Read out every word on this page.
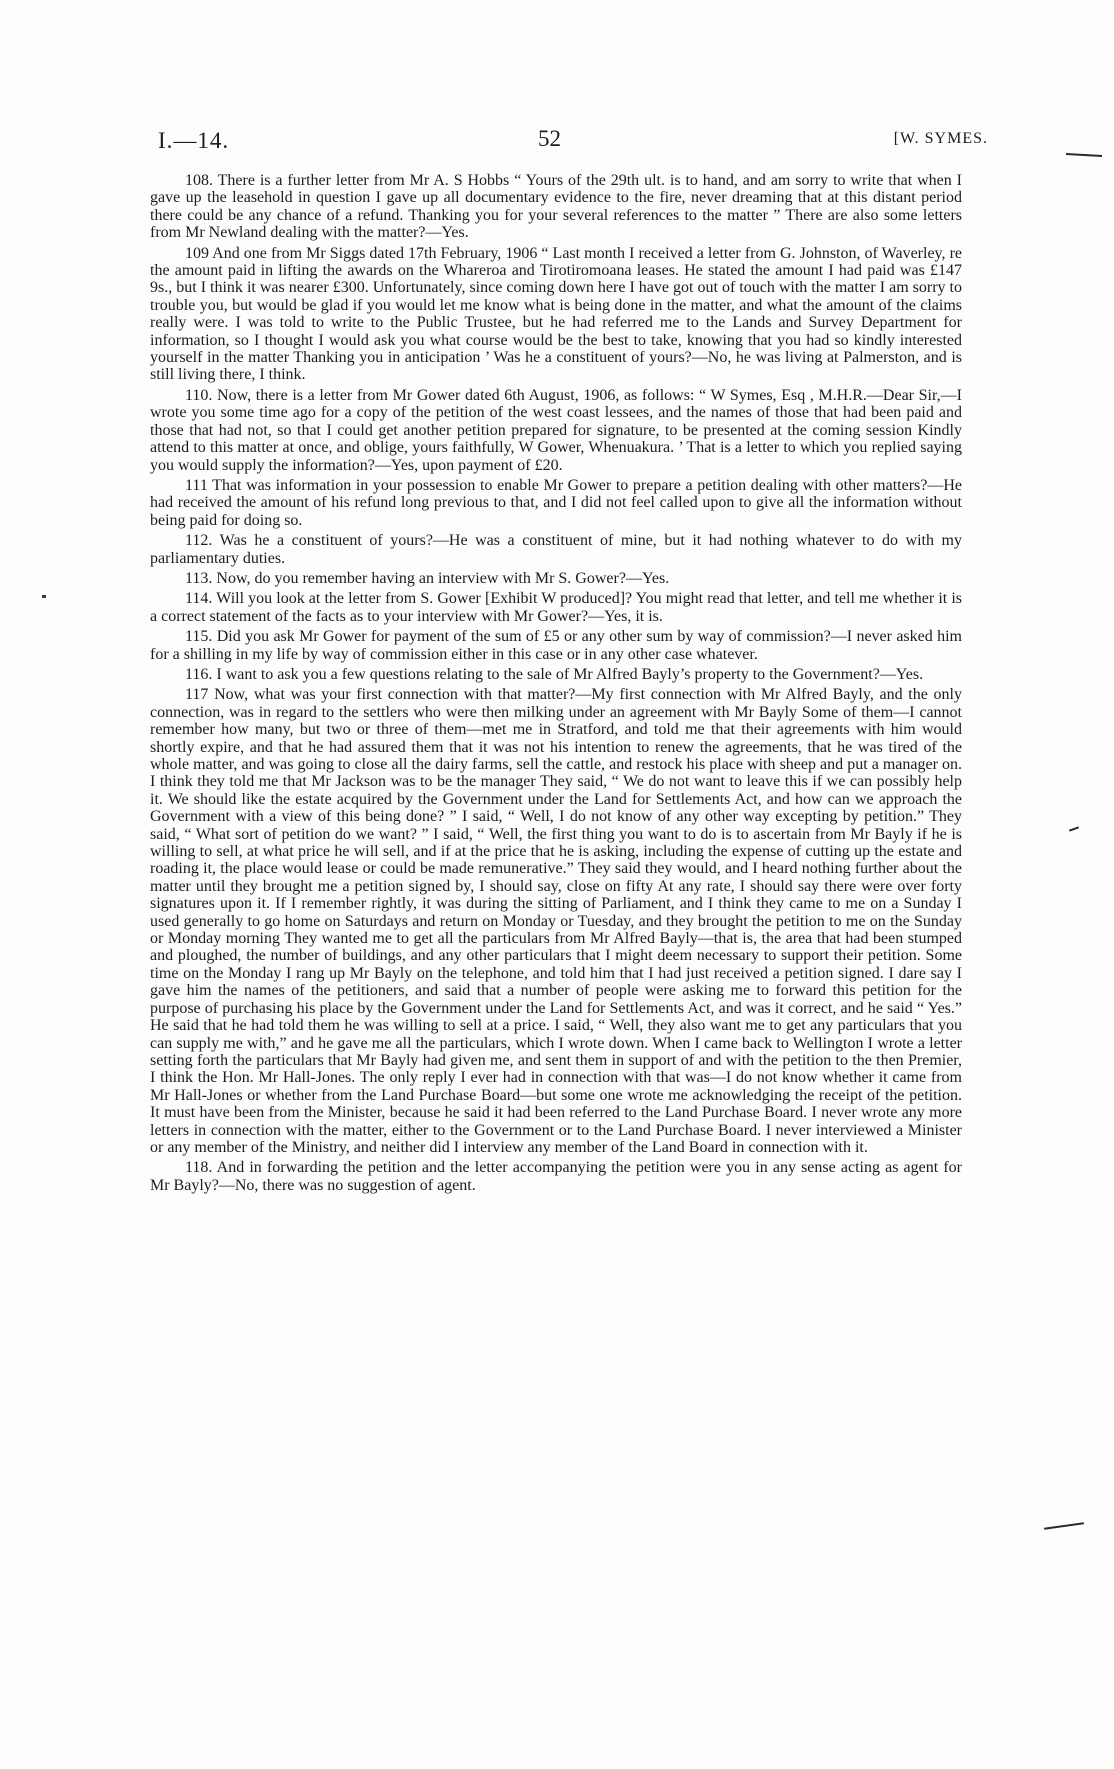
I.—14.	52	[W. SYMES.

108. There is a further letter from Mr A. S Hobbs “ Yours of the 29th ult. is to hand, and am sorry to write that when I gave up the leasehold in question I gave up all documentary evidence to the fire, never dreaming that at this distant period there could be any chance of a refund. Thanking you for your several references to the matter ” There are also some letters from Mr Newland dealing with the matter?—Yes.

109 And one from Mr Siggs dated 17th February, 1906 “ Last month I received a letter from G. Johnston, of Waverley, re the amount paid in lifting the awards on the Whareroa and Tirotiromoana leases. He stated the amount I had paid was £147 9s., but I think it was nearer £300. Unfortunately, since coming down here I have got out of touch with the matter I am sorry to trouble you, but would be glad if you would let me know what is being done in the matter, and what the amount of the claims really were. I was told to write to the Public Trustee, but he had referred me to the Lands and Survey Department for information, so I thought I would ask you what course would be the best to take, knowing that you had so kindly interested yourself in the matter Thanking you in anticipation ’ Was he a constituent of yours?—No, he was living at Palmerston, and is still living there, I think.

110. Now, there is a letter from Mr Gower dated 6th August, 1906, as follows: “ W Symes, Esq , M.H.R.—Dear Sir,—I wrote you some time ago for a copy of the petition of the west coast lessees, and the names of those that had been paid and those that had not, so that I could get another petition prepared for signature, to be presented at the coming session Kindly attend to this matter at once, and oblige, yours faithfully, W Gower, Whenuakura. ’ That is a letter to which you replied saying you would supply the information?—Yes, upon payment of £20.

111 That was information in your possession to enable Mr Gower to prepare a petition dealing with other matters?—He had received the amount of his refund long previous to that, and I did not feel called upon to give all the information without being paid for doing so.

112. Was he a constituent of yours?—He was a constituent of mine, but it had nothing whatever to do with my parliamentary duties.

113. Now, do you remember having an interview with Mr S. Gower?—Yes.

114. Will you look at the letter from S. Gower [Exhibit W produced]? You might read that letter, and tell me whether it is a correct statement of the facts as to your interview with Mr Gower?—Yes, it is.

115. Did you ask Mr Gower for payment of the sum of £5 or any other sum by way of commission?—I never asked him for a shilling in my life by way of commission either in this case or in any other case whatever.

116. I want to ask you a few questions relating to the sale of Mr Alfred Bayly’s property to the Government?—Yes.

117 Now, what was your first connection with that matter?—My first connection with Mr Alfred Bayly, and the only connection, was in regard to the settlers who were then milking under an agreement with Mr Bayly Some of them—I cannot remember how many, but two or three of them—met me in Stratford, and told me that their agreements with him would shortly expire, and that he had assured them that it was not his intention to renew the agreements, that he was tired of the whole matter, and was going to close all the dairy farms, sell the cattle, and restock his place with sheep and put a manager on. I think they told me that Mr Jackson was to be the manager They said, “ We do not want to leave this if we can possibly help it. We should like the estate acquired by the Government under the Land for Settlements Act, and how can we approach the Government with a view of this being done? ” I said, “ Well, I do not know of any other way excepting by petition.” They said, “ What sort of petition do we want? ” I said, “ Well, the first thing you want to do is to ascertain from Mr Bayly if he is willing to sell, at what price he will sell, and if at the price that he is asking, including the expense of cutting up the estate and roading it, the place would lease or could be made remunerative.” They said they would, and I heard nothing further about the matter until they brought me a petition signed by, I should say, close on fifty At any rate, I should say there were over forty signatures upon it. If I remember rightly, it was during the sitting of Parliament, and I think they came to me on a Sunday I used generally to go home on Saturdays and return on Monday or Tuesday, and they brought the petition to me on the Sunday or Monday morning They wanted me to get all the particulars from Mr Alfred Bayly—that is, the area that had been stumped and ploughed, the number of buildings, and any other particulars that I might deem necessary to support their petition. Some time on the Monday I rang up Mr Bayly on the telephone, and told him that I had just received a petition signed. I dare say I gave him the names of the petitioners, and said that a number of people were asking me to forward this petition for the purpose of purchasing his place by the Government under the Land for Settlements Act, and was it correct, and he said “ Yes.” He said that he had told them he was willing to sell at a price. I said, “ Well, they also want me to get any particulars that you can supply me with,” and he gave me all the particulars, which I wrote down. When I came back to Wellington I wrote a letter setting forth the particulars that Mr Bayly had given me, and sent them in support of and with the petition to the then Premier, I think the Hon. Mr Hall-Jones. The only reply I ever had in connection with that was—I do not know whether it came from Mr Hall-Jones or whether from the Land Purchase Board—but some one wrote me acknowledging the receipt of the petition. It must have been from the Minister, because he said it had been referred to the Land Purchase Board. I never wrote any more letters in connection with the matter, either to the Government or to the Land Purchase Board. I never interviewed a Minister or any member of the Ministry, and neither did I interview any member of the Land Board in connection with it.

118. And in forwarding the petition and the letter accompanying the petition were you in any sense acting as agent for Mr Bayly?—No, there was no suggestion of agent.
